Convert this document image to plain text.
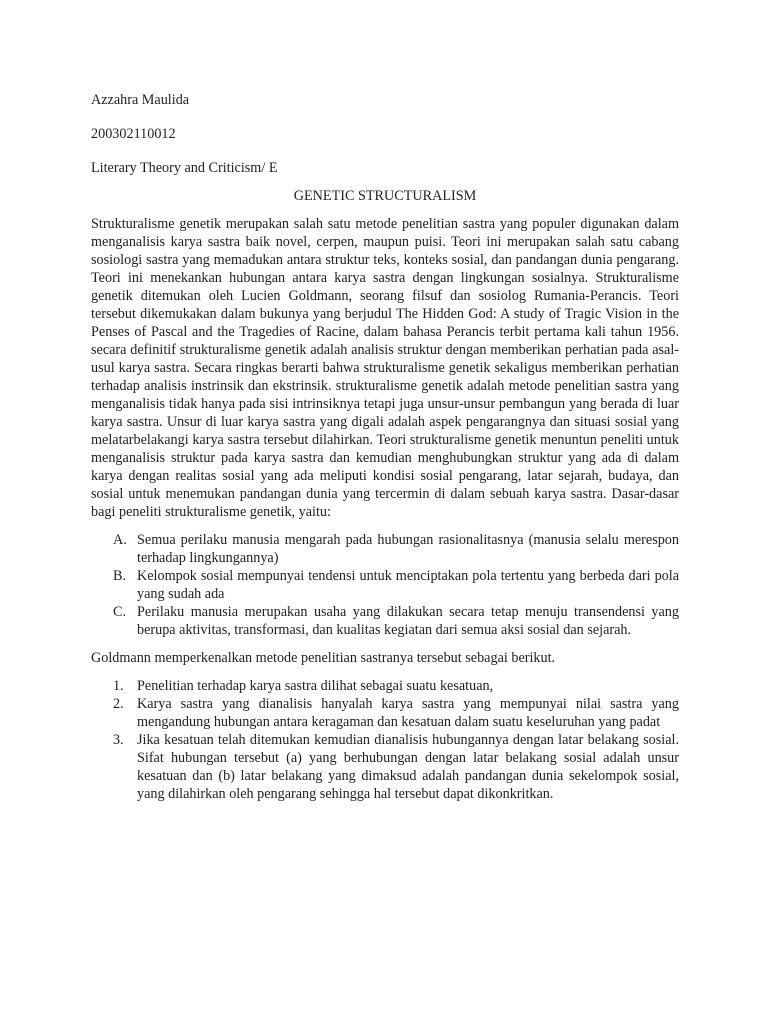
Azzahra Maulida

200302110012

Literary Theory and Criticism/ E

GENETIC STRUCTURALISM

Strukturalisme genetik merupakan salah satu metode penelitian sastra yang populer digunakan dalam menganalisis karya sastra baik novel, cerpen, maupun puisi. Teori ini merupakan salah satu cabang sosiologi sastra yang memadukan antara struktur teks, konteks sosial, dan pandangan dunia pengarang. Teori ini menekankan hubungan antara karya sastra dengan lingkungan sosialnya. Strukturalisme genetik ditemukan oleh Lucien Goldmann, seorang filsuf dan sosiolog Rumania-Perancis. Teori tersebut dikemukakan dalam bukunya yang berjudul The Hidden God: A study of Tragic Vision in the Penses of Pascal and the Tragedies of Racine, dalam bahasa Perancis terbit pertama kali tahun 1956. secara definitif strukturalisme genetik adalah analisis struktur dengan memberikan perhatian pada asal-usul karya sastra. Secara ringkas berarti bahwa strukturalisme genetik sekaligus memberikan perhatian terhadap analisis instrinsik dan ekstrinsik. strukturalisme genetik adalah metode penelitian sastra yang menganalisis tidak hanya pada sisi intrinsiknya tetapi juga unsur-unsur pembangun yang berada di luar karya sastra. Unsur di luar karya sastra yang digali adalah aspek pengarangnya dan situasi sosial yang melatarbelakangi karya sastra tersebut dilahirkan. Teori strukturalisme genetik menuntun peneliti untuk menganalisis struktur pada karya sastra dan kemudian menghubungkan struktur yang ada di dalam karya dengan realitas sosial yang ada meliputi kondisi sosial pengarang, latar sejarah, budaya, dan sosial untuk menemukan pandangan dunia yang tercermin di dalam sebuah karya sastra. Dasar-dasar bagi peneliti strukturalisme genetik, yaitu:

A. Semua perilaku manusia mengarah pada hubungan rasionalitasnya (manusia selalu merespon terhadap lingkungannya)
B. Kelompok sosial mempunyai tendensi untuk menciptakan pola tertentu yang berbeda dari pola yang sudah ada
C. Perilaku manusia merupakan usaha yang dilakukan secara tetap menuju transendensi yang berupa aktivitas, transformasi, dan kualitas kegiatan dari semua aksi sosial dan sejarah.

Goldmann memperkenalkan metode penelitian sastranya tersebut sebagai berikut.

1. Penelitian terhadap karya sastra dilihat sebagai suatu kesatuan,
2. Karya sastra yang dianalisis hanyalah karya sastra yang mempunyai nilai sastra yang mengandung hubungan antara keragaman dan kesatuan dalam suatu keseluruhan yang padat
3. Jika kesatuan telah ditemukan kemudian dianalisis hubungannya dengan latar belakang sosial. Sifat hubungan tersebut (a) yang berhubungan dengan latar belakang sosial adalah unsur kesatuan dan (b) latar belakang yang dimaksud adalah pandangan dunia sekelompok sosial, yang dilahirkan oleh pengarang sehingga hal tersebut dapat dikonkritkan.
